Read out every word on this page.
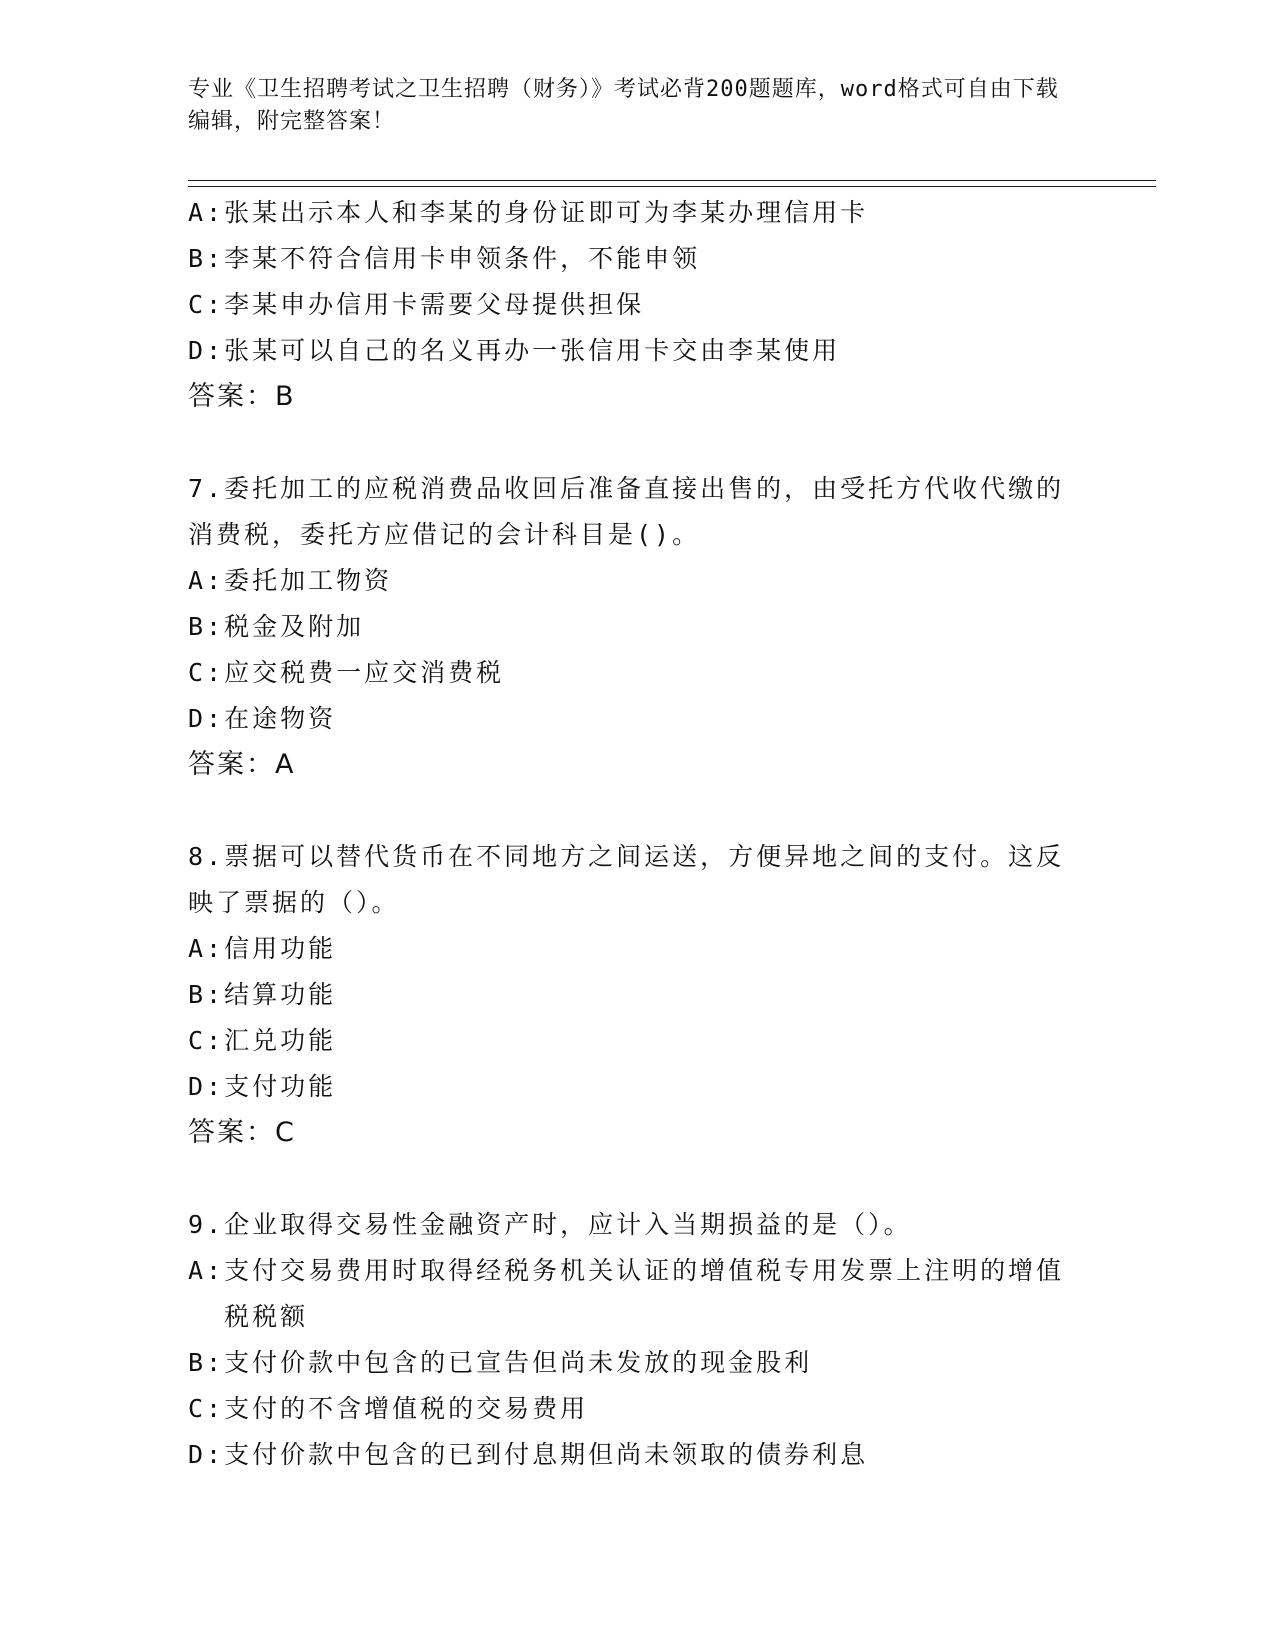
专业《卫生招聘考试之卫生招聘（财务）》考试必背200题题库，word格式可自由下载编辑，附完整答案！
A: 张某出示本人和李某的身份证即可为李某办理信用卡
B: 李某不符合信用卡申领条件，不能申领
C: 李某申办信用卡需要父母提供担保
D: 张某可以自己的名义再办一张信用卡交由李某使用
答案：B
7.委托加工的应税消费品收回后准备直接出售的，由受托方代收代缴的消费税，委托方应借记的会计科目是()。
A: 委托加工物资
B: 税金及附加
C: 应交税费一应交消费税
D: 在途物资
答案：A
8.票据可以替代货币在不同地方之间运送，方便异地之间的支付。这反映了票据的（）。
A: 信用功能
B: 结算功能
C: 汇兑功能
D: 支付功能
答案：C
9.企业取得交易性金融资产时，应计入当期损益的是（）。
A: 支付交易费用时取得经税务机关认证的增值税专用发票上注明的增值税税额
B: 支付价款中包含的已宣告但尚未发放的现金股利
C: 支付的不含增值税的交易费用
D: 支付价款中包含的已到付息期但尚未领取的债券利息
